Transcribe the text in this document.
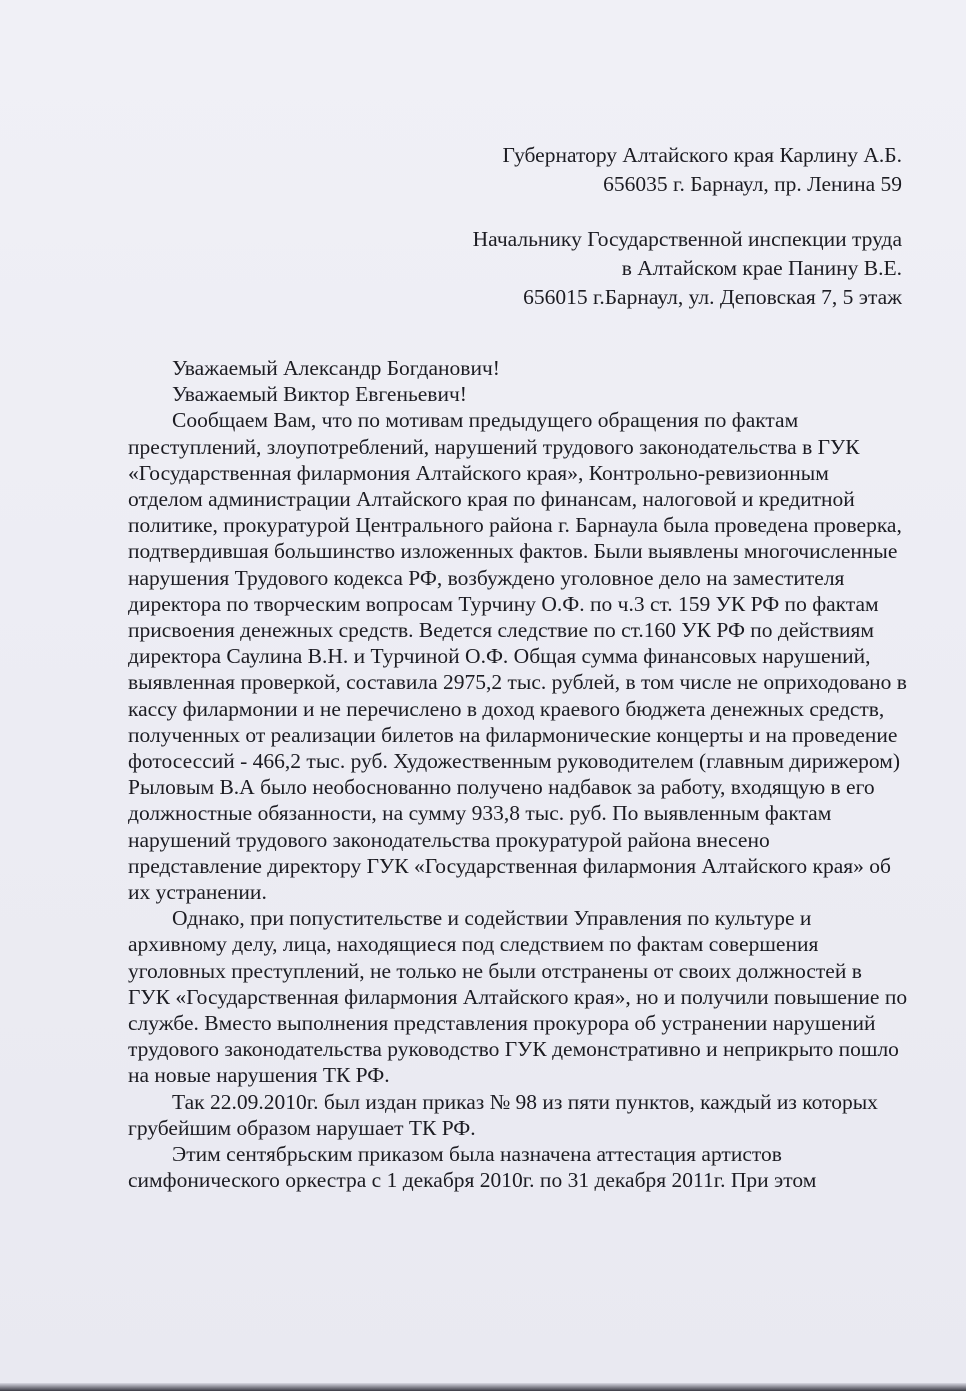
Губернатору Алтайского края Карлину А.Б.
656035 г. Барнаул, пр. Ленина 59
Начальнику Государственной инспекции труда
в Алтайском крае Панину В.Е.
656015 г.Барнаул, ул. Деповская 7, 5 этаж
Уважаемый Александр Богданович!
Уважаемый Виктор Евгеньевич!

Сообщаем Вам, что по мотивам предыдущего обращения по фактам преступлений, злоупотреблений, нарушений трудового законодательства в ГУК «Государственная филармония Алтайского края», Контрольно-ревизионным отделом администрации Алтайского края по финансам, налоговой и кредитной политике, прокуратурой Центрального района г. Барнаула была проведена проверка, подтвердившая большинство изложенных фактов. Были выявлены многочисленные нарушения Трудового кодекса РФ, возбуждено уголовное дело на заместителя директора по творческим вопросам Турчину О.Ф. по ч.3 ст. 159 УК РФ по фактам присвоения денежных средств. Ведется следствие по ст.160 УК РФ по действиям директора Саулина В.Н. и Турчиной О.Ф. Общая сумма финансовых нарушений, выявленная проверкой, составила 2975,2 тыс. рублей, в том числе не оприходовано в кассу филармонии и не перечислено в доход краевого бюджета денежных средств, полученных от реализации билетов на филармонические концерты и на проведение фотосессий - 466,2 тыс. руб. Художественным руководителем (главным дирижером) Рыловым В.А было необоснованно получено надбавок за работу, входящую в его должностные обязанности, на сумму 933,8 тыс. руб. По выявленным фактам нарушений трудового законодательства прокуратурой района внесено представление директору ГУК «Государственная филармония Алтайского края» об их устранении.

Однако, при попустительстве и содействии Управления по культуре и архивному делу, лица, находящиеся под следствием по фактам совершения уголовных преступлений, не только не были отстранены от своих должностей в ГУК «Государственная филармония Алтайского края», но и получили повышение по службе. Вместо выполнения представления прокурора об устранении нарушений трудового законодательства руководство ГУК демонстративно и неприкрыто пошло на новые нарушения ТК РФ.

Так 22.09.2010г. был издан приказ № 98 из пяти пунктов, каждый из которых грубейшим образом нарушает ТК РФ.

Этим сентябрьским приказом была назначена аттестация артистов симфонического оркестра с 1 декабря 2010г. по 31 декабря 2011г. При этом
